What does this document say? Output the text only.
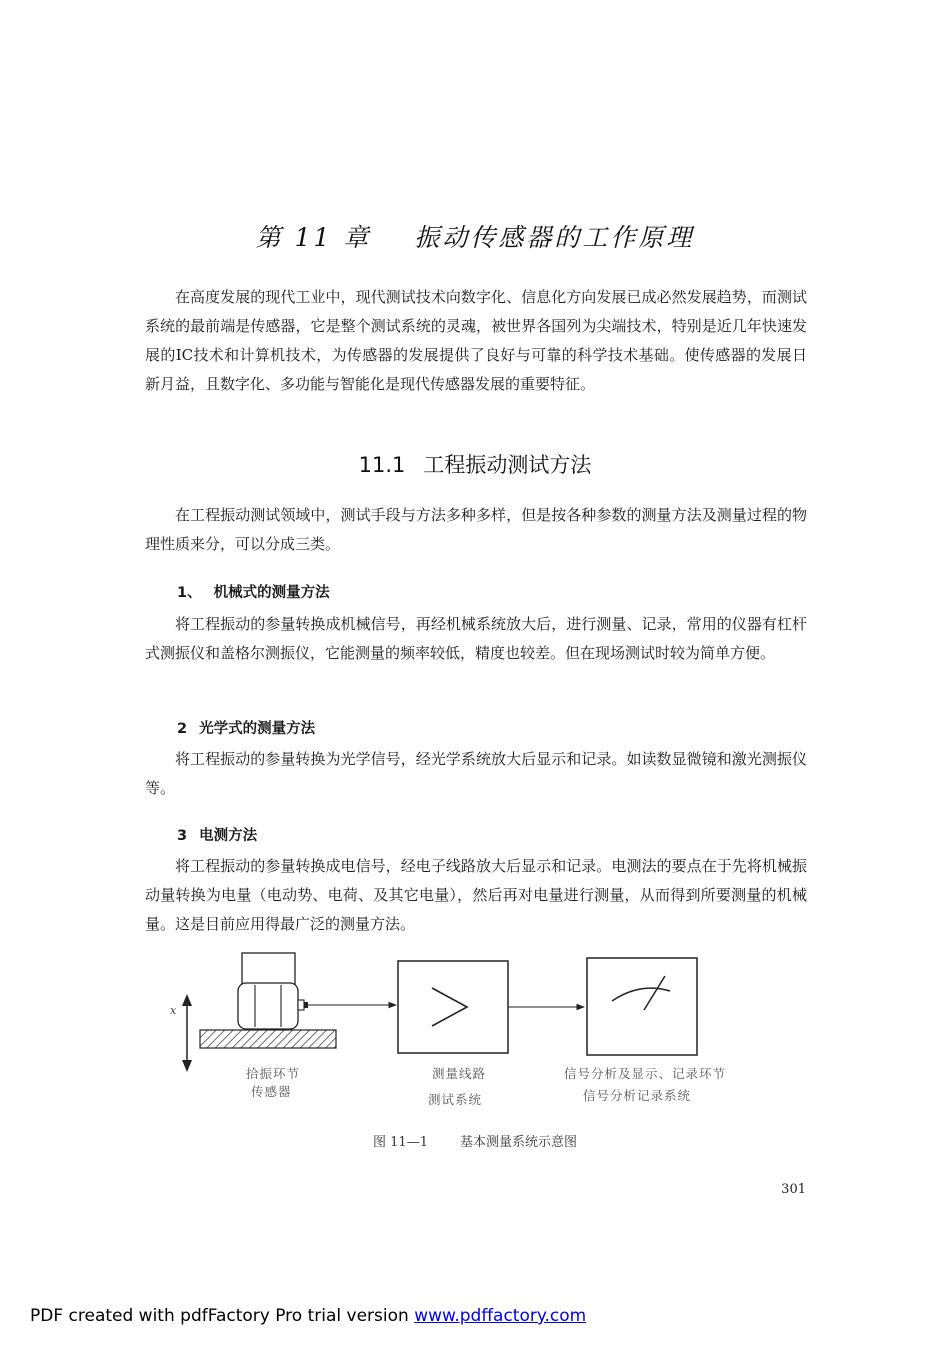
第 11 章 振动传感器的工作原理

在高度发展的现代工业中，现代测试技术向数字化、信息化方向发展已成必然发展趋势，而测试系统的最前端是传感器，它是整个测试系统的灵魂，被世界各国列为尖端技术，特别是近几年快速发展的IC技术和计算机技术，为传感器的发展提供了良好与可靠的科学技术基础。使传感器的发展日新月益，且数字化、多功能与智能化是现代传感器发展的重要特征。

11.1 工程振动测试方法

在工程振动测试领域中，测试手段与方法多种多样，但是按各种参数的测量方法及测量过程的物理性质来分，可以分成三类。

1、 机械式的测量方法

将工程振动的参量转换成机械信号，再经机械系统放大后，进行测量、记录，常用的仪器有杠杆式测振仪和盖格尔测振仪，它能测量的频率较低，精度也较差。但在现场测试时较为简单方便。

2 光学式的测量方法

将工程振动的参量转换为光学信号，经光学系统放大后显示和记录。如读数显微镜和激光测振仪等。

3 电测方法

将工程振动的参量转换成电信号，经电子线路放大后显示和记录。电测法的要点在于先将机械振动量转换为电量（电动势、电荷、及其它电量），然后再对电量进行测量，从而得到所要测量的机械量。这是目前应用得最广泛的测量方法。

x
拾振环节
传感器
测量线路
测试系统
信号分析及显示、记录环节
信号分析记录系统
图 11—1 基本测量系统示意图
301
PDF created with pdfFactory Pro trial version www.pdffactory.com
